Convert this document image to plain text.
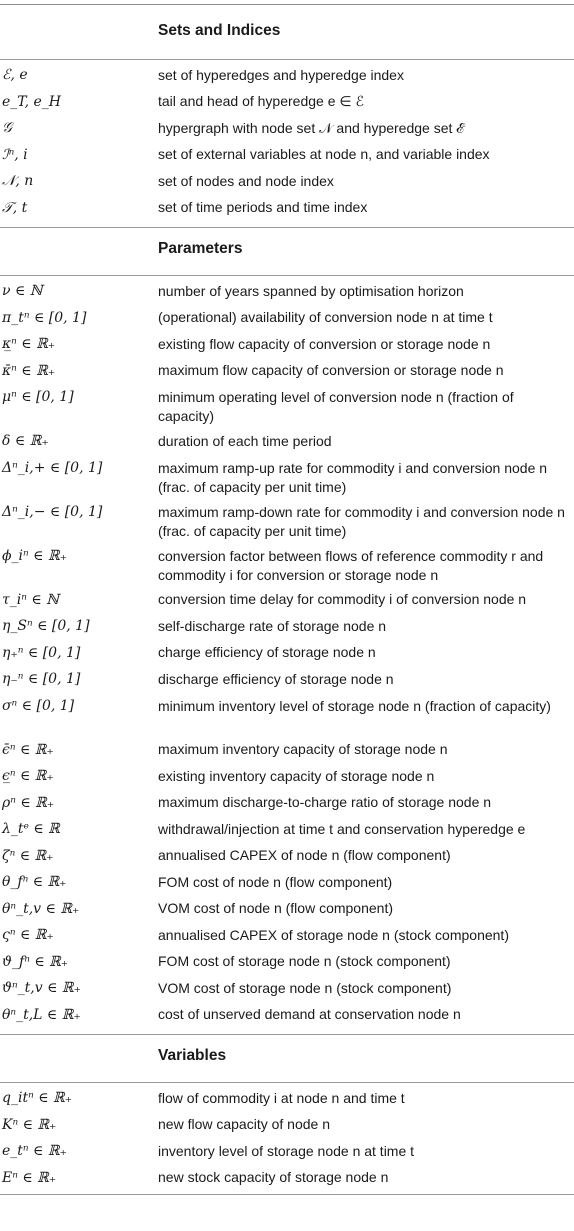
Sets and Indices
ℰ, e	set of hyperedges and hyperedge index
e_T, e_H	tail and head of hyperedge e ∈ ℰ
𝒢	hypergraph with node set 𝒩 and hyperedge set ℰ
ℐⁿ, i	set of external variables at node n, and variable index
𝒩, n	set of nodes and node index
𝒯, t	set of time periods and time index
Parameters
ν ∈ ℕ	number of years spanned by optimisation horizon
π_tⁿ ∈ [0, 1]	(operational) availability of conversion node n at time t
κ̲ⁿ ∈ ℝ₊	existing flow capacity of conversion or storage node n
κ̄ⁿ ∈ ℝ₊	maximum flow capacity of conversion or storage node n
μⁿ ∈ [0, 1]	minimum operating level of conversion node n (fraction of capacity)
δ ∈ ℝ₊	duration of each time period
Δⁿ_i,+ ∈ [0, 1]	maximum ramp-up rate for commodity i and conversion node n (frac. of capacity per unit time)
Δⁿ_i,− ∈ [0, 1]	maximum ramp-down rate for commodity i and conversion node n (frac. of capacity per unit time)
ϕ_iⁿ ∈ ℝ₊	conversion factor between flows of reference commodity r and commodity i for conversion or storage node n
τ_iⁿ ∈ ℕ	conversion time delay for commodity i of conversion node n
η_Sⁿ ∈ [0, 1]	self-discharge rate of storage node n
η₊ⁿ ∈ [0, 1]	charge efficiency of storage node n
η₋ⁿ ∈ [0, 1]	discharge efficiency of storage node n
σⁿ ∈ [0, 1]	minimum inventory level of storage node n (fraction of capacity)
ϵ̄ⁿ ∈ ℝ₊	maximum inventory capacity of storage node n
ϵ̲ⁿ ∈ ℝ₊	existing inventory capacity of storage node n
ρⁿ ∈ ℝ₊	maximum discharge-to-charge ratio of storage node n
λ_tᵉ ∈ ℝ	withdrawal/injection at time t and conservation hyperedge e
ζⁿ ∈ ℝ₊	annualised CAPEX of node n (flow component)
θ_fⁿ ∈ ℝ₊	FOM cost of node n (flow component)
θⁿ_t,v ∈ ℝ₊	VOM cost of node n (flow component)
ςⁿ ∈ ℝ₊	annualised CAPEX of storage node n (stock component)
ϑ_fⁿ ∈ ℝ₊	FOM cost of storage node n (stock component)
ϑⁿ_t,v ∈ ℝ₊	VOM cost of storage node n (stock component)
θⁿ_t,L ∈ ℝ₊	cost of unserved demand at conservation node n
Variables
q_itⁿ ∈ ℝ₊	flow of commodity i at node n and time t
Kⁿ ∈ ℝ₊	new flow capacity of node n
e_tⁿ ∈ ℝ₊	inventory level of storage node n at time t
Eⁿ ∈ ℝ₊	new stock capacity of storage node n
